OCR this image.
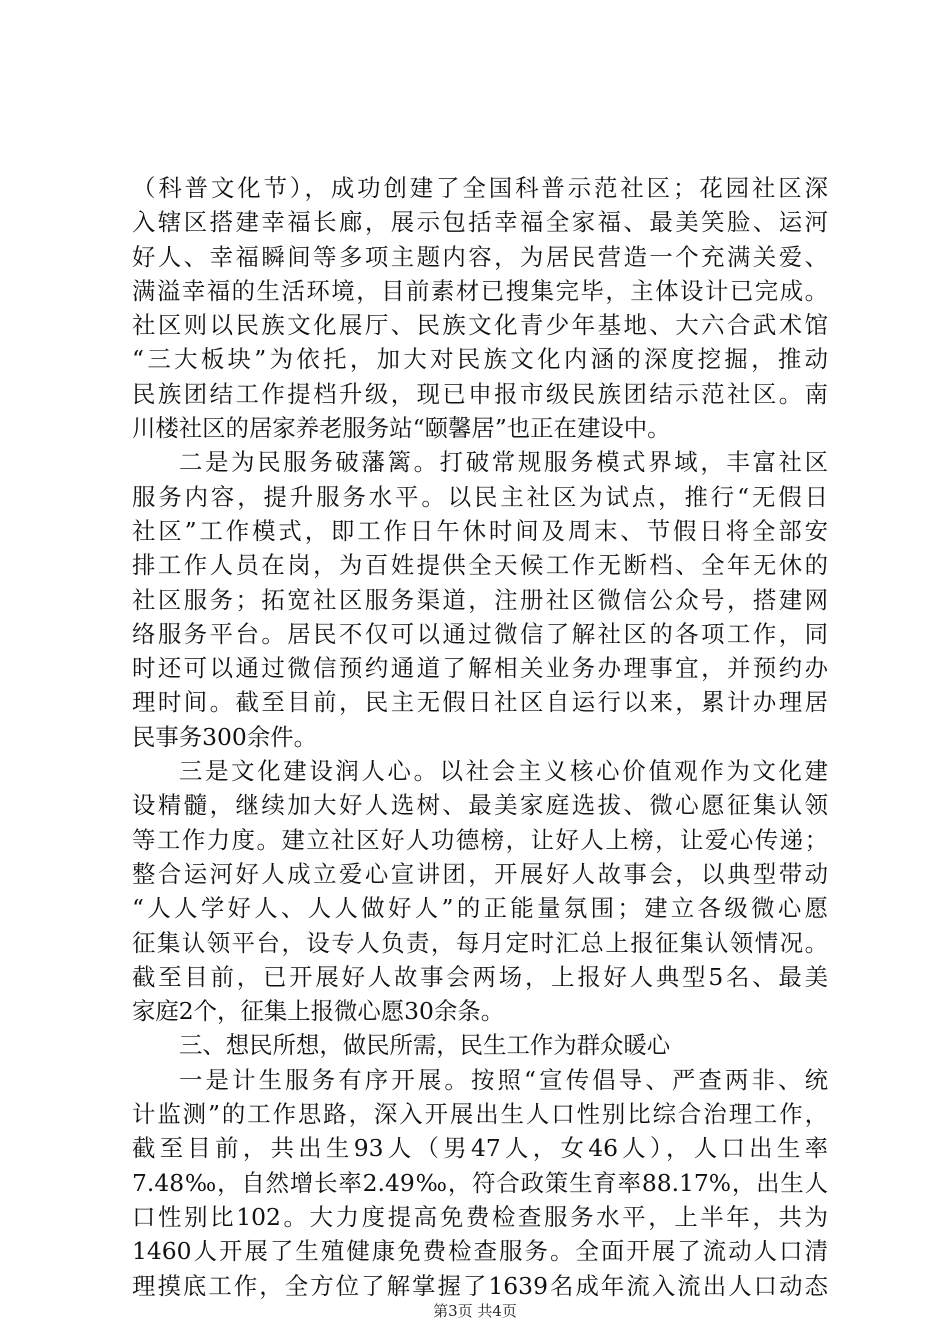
（科普文化节），成功创建了全国科普示范社区；花园社区深
入辖区搭建幸福长廊，展示包括幸福全家福、最美笑脸、运河
好人、幸福瞬间等多项主题内容，为居民营造一个充满关爱、
满溢幸福的生活环境，目前素材已搜集完毕，主体设计已完成。
社区则以民族文化展厅、民族文化青少年基地、大六合武术馆
“三大板块”为依托，加大对民族文化内涵的深度挖掘，推动
民族团结工作提档升级，现已申报市级民族团结示范社区。南
川楼社区的居家养老服务站“颐馨居”也正在建设中。
二是为民服务破藩篱。打破常规服务模式界域，丰富社区
服务内容，提升服务水平。以民主社区为试点，推行“无假日
社区”工作模式，即工作日午休时间及周末、节假日将全部安
排工作人员在岗，为百姓提供全天候工作无断档、全年无休的
社区服务；拓宽社区服务渠道，注册社区微信公众号，搭建网
络服务平台。居民不仅可以通过微信了解社区的各项工作，同
时还可以通过微信预约通道了解相关业务办理事宜，并预约办
理时间。截至目前，民主无假日社区自运行以来，累计办理居
民事务300余件。
三是文化建设润人心。以社会主义核心价值观作为文化建
设精髓，继续加大好人选树、最美家庭选拔、微心愿征集认领
等工作力度。建立社区好人功德榜，让好人上榜，让爱心传递；
整合运河好人成立爱心宣讲团，开展好人故事会，以典型带动
“人人学好人、人人做好人”的正能量氛围；建立各级微心愿
征集认领平台，设专人负责，每月定时汇总上报征集认领情况。
截至目前，已开展好人故事会两场，上报好人典型5名、最美
家庭2个，征集上报微心愿30余条。
三、想民所想，做民所需，民生工作为群众暖心
一是计生服务有序开展。按照“宣传倡导、严查两非、统
计监测”的工作思路，深入开展出生人口性别比综合治理工作，
截至目前，共出生93人（男47人，女46人），人口出生率
7.48‰，自然增长率2.49‰，符合政策生育率88.17%，出生人
口性别比102。大力度提高免费检查服务水平，上半年，共为
1460人开展了生殖健康免费检查服务。全面开展了流动人口清
理摸底工作，全方位了解掌握了1639名成年流入流出人口动态
第3页 共4页
